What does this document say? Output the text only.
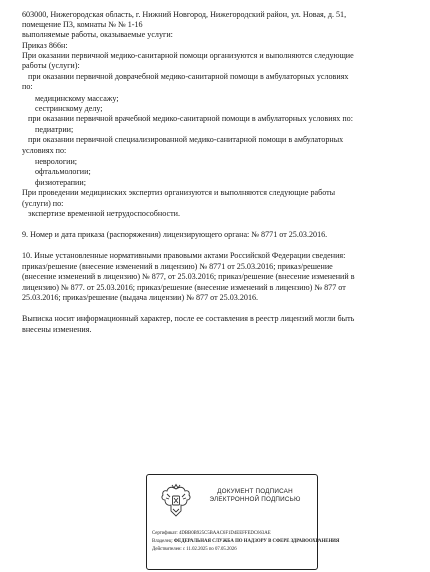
603000, Нижегородская область, г. Нижний Новгород, Нижегородский район, ул. Новая, д. 51,
помещение П3, комнаты № № 1-16
выполняемые работы, оказываемые услуги:
Приказ 866н:
При оказании первичной медико-санитарной помощи организуются и выполняются следующие
работы (услуги):
при оказании первичной доврачебной медико-санитарной помощи в амбулаторных условиях
по:
медицинскому массажу;
сестринскому делу;
при оказании первичной врачебной медико-санитарной помощи в амбулаторных условиях по:
педиатрии;
при оказании первичной специализированной медико-санитарной помощи в амбулаторных
условиях по:
неврологии;
офтальмологии;
физиотерапии;
При проведении медицинских экспертиз организуются и выполняются следующие работы
(услуги) по:
экспертизе временной нетрудоспособности.
9. Номер и дата приказа (распоряжения) лицензирующего органа: № 8771 от 25.03.2016.
10. Иные установленные нормативными правовыми актами Российской Федерации сведения:
приказ/решение (внесение изменений в лицензию) № 8771 от 25.03.2016; приказ/решение
(внесение изменений в лицензию) № 877, от 25.03.2016; приказ/решение (внесение изменений в
лицензию) № 877. от 25.03.2016; приказ/решение (внесение изменений в лицензию) № 877 от
25.03.2016; приказ/решение (выдача лицензии) № 877 от 25.03.2016.
Выписка носит информационный характер, после ее составления в реестр лицензий могли быть
внесены изменения.
ДОКУМЕНТ ПОДПИСАН
ЭЛЕКТРОННОЙ ПОДПИСЬЮ
Сертификат: 4DBB0B925C5BAAC6F1D4EEFFEDC663AE
Владелец: ФЕДЕРАЛЬНАЯ СЛУЖБА ПО НАДЗОРУ В СФЕРЕ ЗДРАВООХРАНЕНИЯ
Действителен: с 11.02.2025 по 07.05.2026
